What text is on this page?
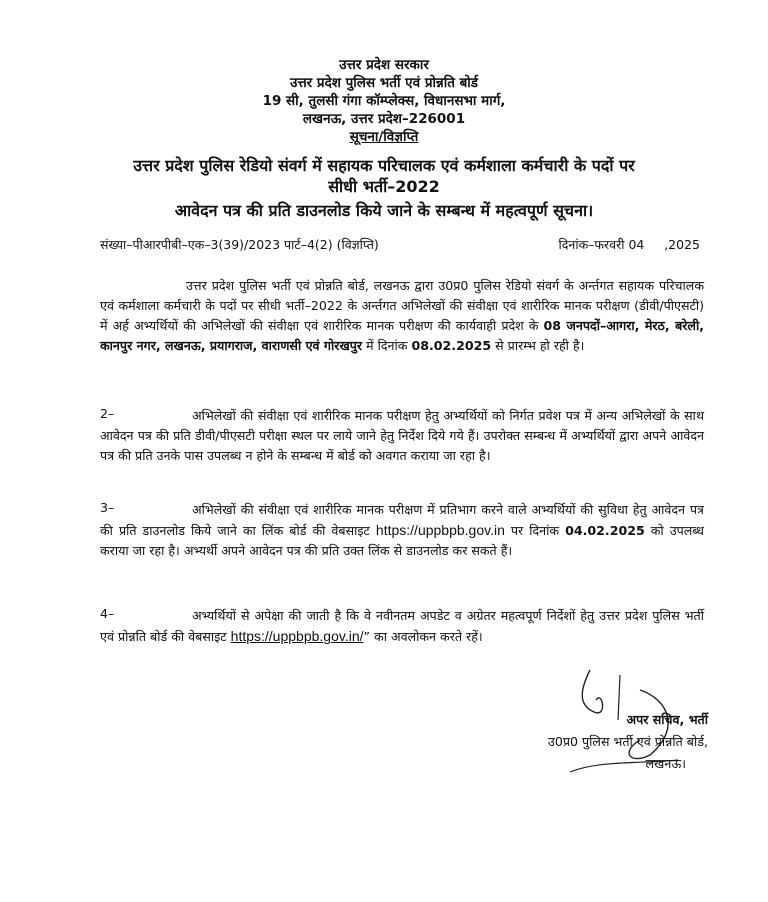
उत्तर प्रदेश सरकार
उत्तर प्रदेश पुलिस भर्ती एवं प्रोन्नति बोर्ड
19 सी, तुलसी गंगा कॉम्प्लेक्स, विधानसभा मार्ग,
लखनऊ, उत्तर प्रदेश–226001
सूचना/विज्ञप्ति
उत्तर प्रदेश पुलिस रेडियो संवर्ग में सहायक परिचालक एवं कर्मशाला कर्मचारी के पदों पर
सीधी भर्ती–2022
आवेदन पत्र की प्रति डाउनलोड किये जाने के सम्बन्ध में महत्वपूर्ण सूचना।
संख्या–पीआरपीबी–एक–3(39)/2023 पार्ट–4(2) (विज्ञप्ति)	दिनांक–फरवरी 04     ,2025
उत्तर प्रदेश पुलिस भर्ती एवं प्रोन्नति बोर्ड, लखनऊ द्वारा उ0प्र0 पुलिस रेडियो संवर्ग के अर्न्तगत सहायक परिचालक एवं कर्मशाला कर्मचारी के पदों पर सीधी भर्ती–2022 के अर्न्तगत अभिलेखों की संवीक्षा एवं शारीरिक मानक परीक्षण (डीवी/पीएसटी) में अर्ह अभ्यर्थियों की अभिलेखों की संवीक्षा एवं शारीरिक मानक परीक्षण की कार्यवाही प्रदेश के 08 जनपदों–आगरा, मेरठ, बरेली, कानपुर नगर, लखनऊ, प्रयागराज, वाराणसी एवं गोरखपुर में दिनांक 08.02.2025 से प्रारम्भ हो रही है।
2–	अभिलेखों की संवीक्षा एवं शारीरिक मानक परीक्षण हेतु अभ्यर्थियों को निर्गत प्रवेश पत्र में अन्य अभिलेखों के साथ आवेदन पत्र की प्रति डीवी/पीएसटी परीक्षा स्थल पर लाये जाने हेतु निर्देश दिये गये हैं। उपरोक्त सम्बन्ध में अभ्यर्थियों द्वारा अपने आवेदन पत्र की प्रति उनके पास उपलब्ध न होने के सम्बन्ध में बोर्ड को अवगत कराया जा रहा है।
3–	अभिलेखों की संवीक्षा एवं शारीरिक मानक परीक्षण में प्रतिभाग करने वाले अभ्यर्थियों की सुविधा हेतु आवेदन पत्र की प्रति डाउनलोड किये जाने का लिंक बोर्ड की वेबसाइट https://uppbpb.gov.in पर दिनांक 04.02.2025 को उपलब्ध कराया जा रहा है। अभ्यर्थी अपने आवेदन पत्र की प्रति उक्त लिंक से डाउनलोड कर सकते हैं।
4–	अभ्यर्थियों से अपेक्षा की जाती है कि वे नवीनतम अपडेट व अग्रेतर महत्वपूर्ण निर्देशों हेतु उत्तर प्रदेश पुलिस भर्ती एवं प्रोन्नति बोर्ड की वेबसाइट https://uppbpb.gov.in/” का अवलोकन करते रहें।
अपर सचिव, भर्ती
उ0प्र0 पुलिस भर्ती एवं प्रोन्नति बोर्ड,
लखनऊ।
